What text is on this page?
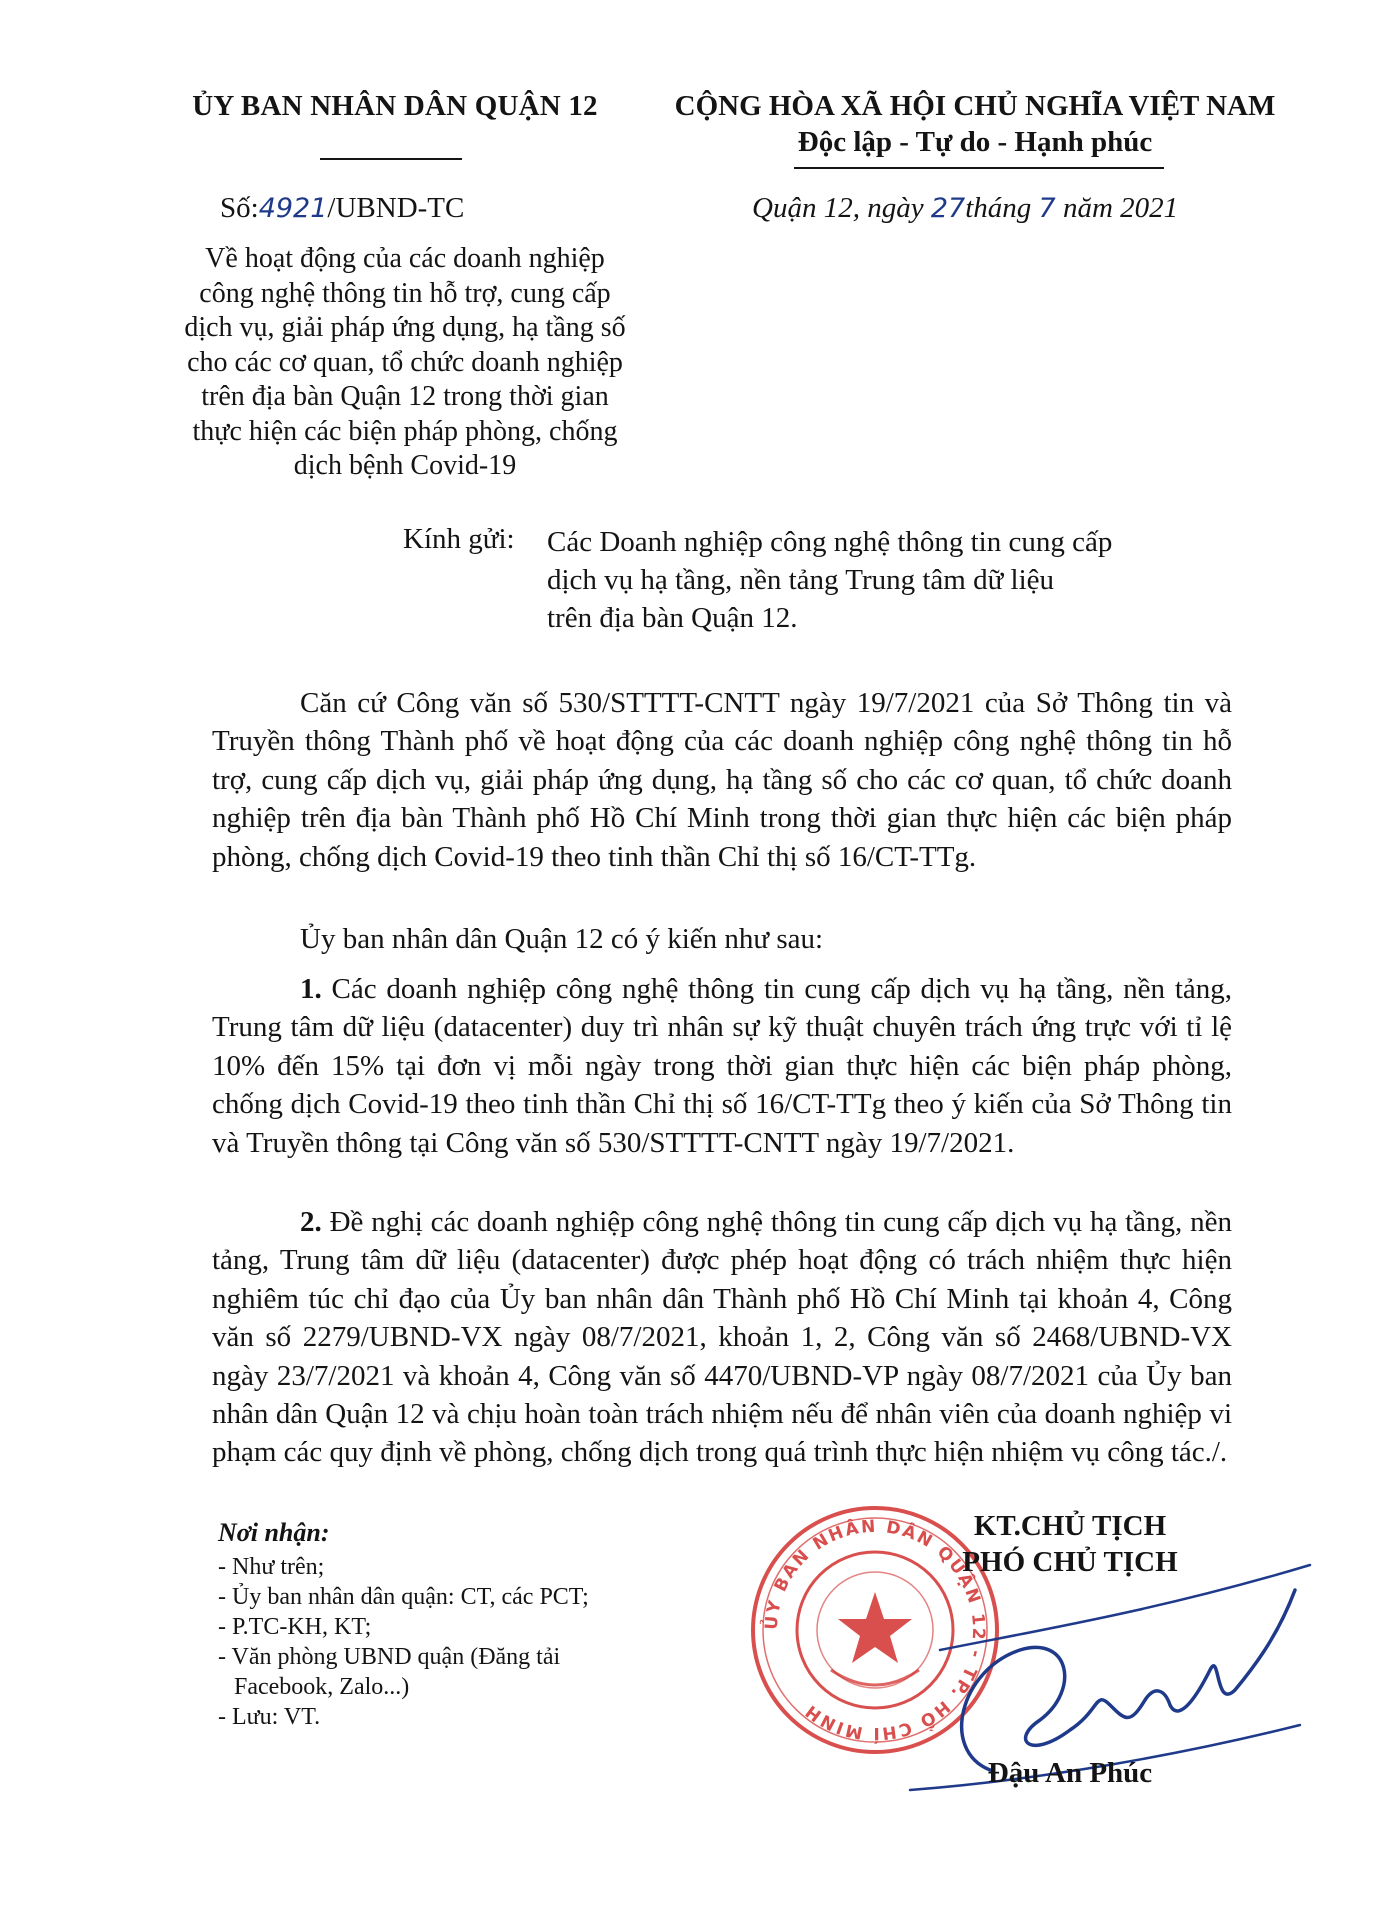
ỦY BAN NHÂN DÂN QUẬN 12	CỘNG HÒA XÃ HỘI CHỦ NGHĨA VIỆT NAM
Độc lập - Tự do - Hạnh phúc
Số:4921/UBND-TC	Quận 12, ngày 27tháng 7 năm 2021
Về hoạt động của các doanh nghiệp
công nghệ thông tin hỗ trợ, cung cấp
dịch vụ, giải pháp ứng dụng, hạ tầng số
cho các cơ quan, tổ chức doanh nghiệp
trên địa bàn Quận 12 trong thời gian
thực hiện các biện pháp phòng, chống
dịch bệnh Covid-19
Kính gửi: Các Doanh nghiệp công nghệ thông tin cung cấp
dịch vụ hạ tầng, nền tảng Trung tâm dữ liệu
trên địa bàn Quận 12.

Căn cứ Công văn số 530/STTTT-CNTT ngày 19/7/2021 của Sở Thông tin và Truyền thông Thành phố về hoạt động của các doanh nghiệp công nghệ thông tin hỗ trợ, cung cấp dịch vụ, giải pháp ứng dụng, hạ tầng số cho các cơ quan, tổ chức doanh nghiệp trên địa bàn Thành phố Hồ Chí Minh trong thời gian thực hiện các biện pháp phòng, chống dịch Covid-19 theo tinh thần Chỉ thị số 16/CT-TTg.

Ủy ban nhân dân Quận 12 có ý kiến như sau:

1. Các doanh nghiệp công nghệ thông tin cung cấp dịch vụ hạ tầng, nền tảng, Trung tâm dữ liệu (datacenter) duy trì nhân sự kỹ thuật chuyên trách ứng trực với tỉ lệ 10% đến 15% tại đơn vị mỗi ngày trong thời gian thực hiện các biện pháp phòng, chống dịch Covid-19 theo tinh thần Chỉ thị số 16/CT-TTg theo ý kiến của Sở Thông tin và Truyền thông tại Công văn số 530/STTTT-CNTT ngày 19/7/2021.

2. Đề nghị các doanh nghiệp công nghệ thông tin cung cấp dịch vụ hạ tầng, nền tảng, Trung tâm dữ liệu (datacenter) được phép hoạt động có trách nhiệm thực hiện nghiêm túc chỉ đạo của Ủy ban nhân dân Thành phố Hồ Chí Minh tại khoản 4, Công văn số 2279/UBND-VX ngày 08/7/2021, khoản 1, 2, Công văn số 2468/UBND-VX ngày 23/7/2021 và khoản 4, Công văn số 4470/UBND-VP ngày 08/7/2021 của Ủy ban nhân dân Quận 12 và chịu hoàn toàn trách nhiệm nếu để nhân viên của doanh nghiệp vi phạm các quy định về phòng, chống dịch trong quá trình thực hiện nhiệm vụ công tác./.

Nơi nhận:
- Như trên;
- Ủy ban nhân dân quận: CT, các PCT;
- P.TC-KH, KT;
- Văn phòng UBND quận (Đăng tải
Facebook, Zalo...)
- Lưu: VT.
ỦY BAN NHÂN DÂN QUẬN 12 - TP. HỒ CHÍ MINH
KT.CHỦ TỊCH
PHÓ CHỦ TỊCH
Đậu An Phúc
